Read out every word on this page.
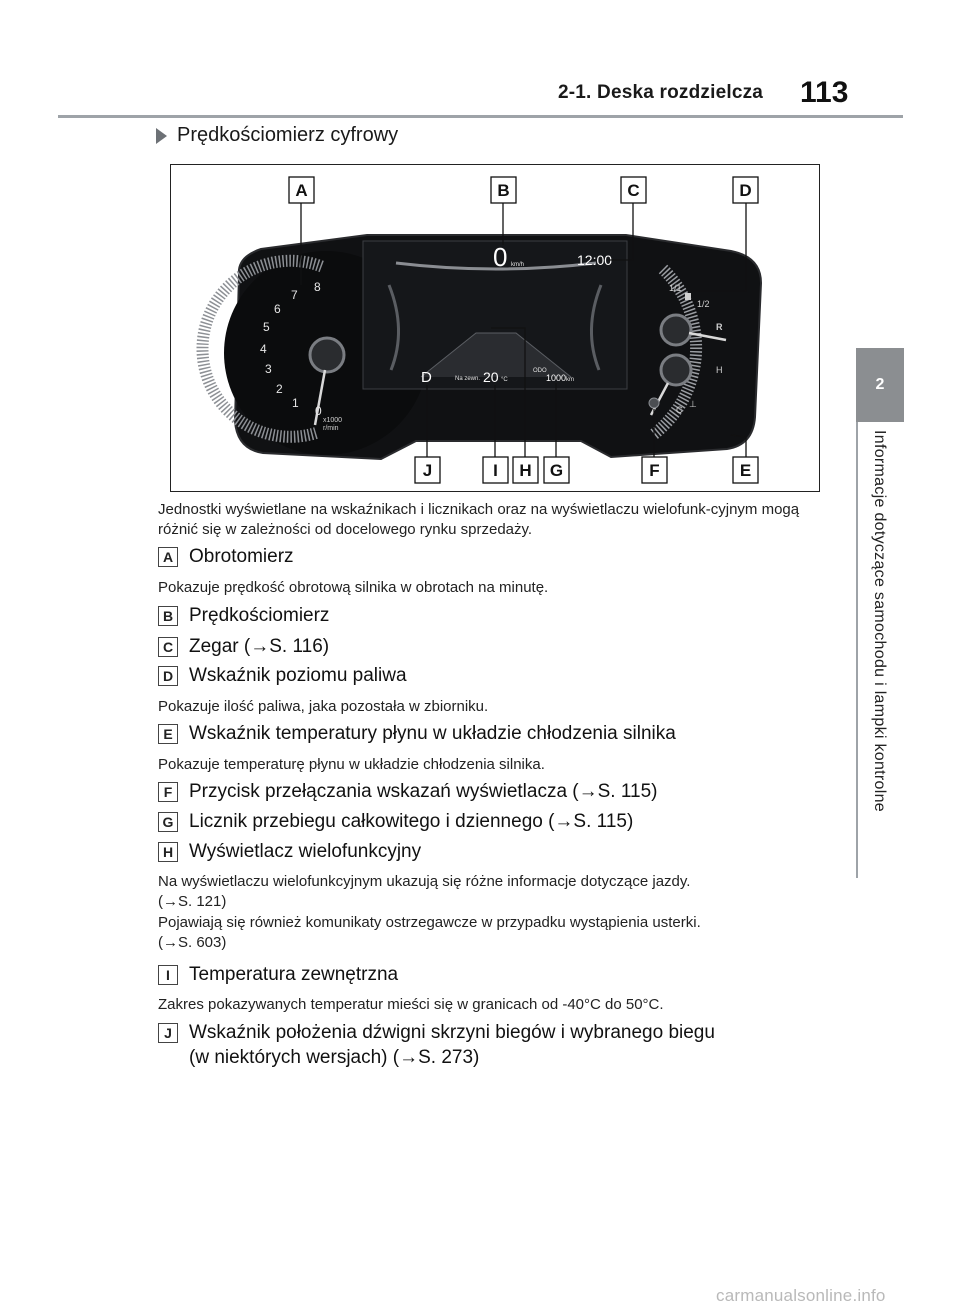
2-1. Deska rozdzielcza 113
2
Informacje dotyczące samochodu i lampki kontrolne
Prędkościomierz cyfrowy
0
1
2
3
4
5
6
7
8
x1000
r/min
1/1
1/2
R
H
C ⊥
0 km/h	12:00
D	Na zewn. 20 °C
ODO
1000 km
A	B	C	D
J	I H G	F	E
Jednostki wyświetlane na wskaźnikach i licznikach oraz na wyświetlaczu wielofunk-cyjnym mogą różnić się w zależności od docelowego rynku sprzedaży.
A Obrotomierz
Pokazuje prędkość obrotową silnika w obrotach na minutę.
B Prędkościomierz
C Zegar (→S. 116)
D Wskaźnik poziomu paliwa
Pokazuje ilość paliwa, jaka pozostała w zbiorniku.
E Wskaźnik temperatury płynu w układzie chłodzenia silnika
Pokazuje temperaturę płynu w układzie chłodzenia silnika.
F Przycisk przełączania wskazań wyświetlacza (→S. 115)
G Licznik przebiegu całkowitego i dziennego (→S. 115)
H Wyświetlacz wielofunkcyjny
Na wyświetlaczu wielofunkcyjnym ukazują się różne informacje dotyczące jazdy.
(→S. 121)
Pojawiają się również komunikaty ostrzegawcze w przypadku wystąpienia usterki.
(→S. 603)
I	Temperatura zewnętrzna
Zakres pokazywanych temperatur mieści się w granicach od -40°C do 50°C.
J Wskaźnik położenia dźwigni skrzyni biegów i wybranego biegu
(w niektórych wersjach) (→S. 273)
carmanualsonline.info
